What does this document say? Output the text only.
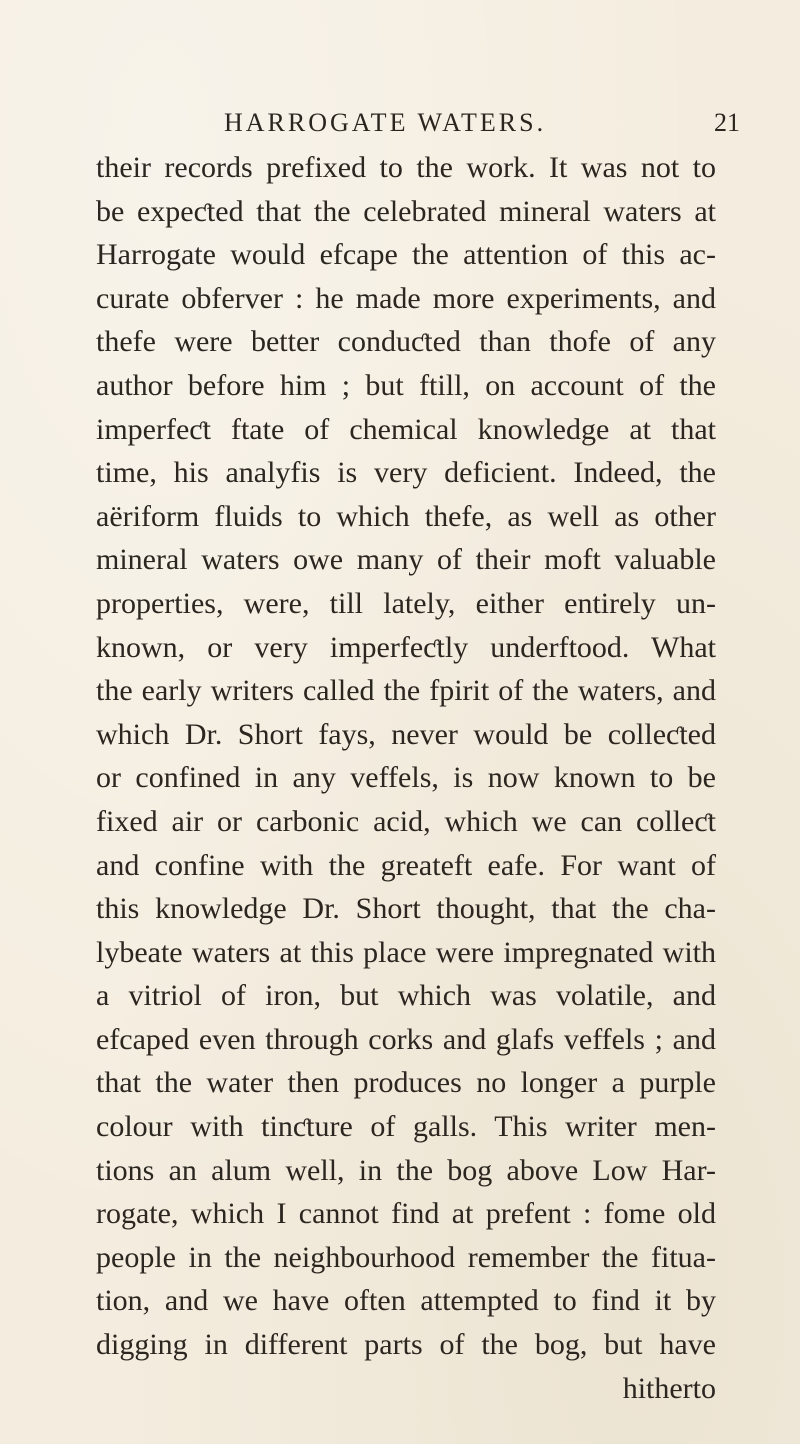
HARROGATE WATERS.	21
their records prefixed to the work. It was not to
be expeƈted that the celebrated mineral waters at
Harrogate would efcape the attention of this ac-
curate obferver : he made more experiments, and
thefe were better conduƈted than thofe of any
author before him ; but ftill, on account of the
imperfeƈt ftate of chemical knowledge at that
time, his analyfis is very deficient. Indeed, the
aëriform fluids to which thefe, as well as other
mineral waters owe many of their moft valuable
properties, were, till lately, either entirely un-
known, or very imperfeƈtly underftood. What
the early writers called the fpirit of the waters, and
which Dr. Short fays, never would be colleƈted
or confined in any veffels, is now known to be
fixed air or carbonic acid, which we can colleƈt
and confine with the greateft eafe. For want of
this knowledge Dr. Short thought, that the cha-
lybeate waters at this place were impregnated with
a vitriol of iron, but which was volatile, and
efcaped even through corks and glafs veffels ; and
that the water then produces no longer a purple
colour with tinƈture of galls. This writer men-
tions an alum well, in the bog above Low Har-
rogate, which I cannot find at prefent : fome old
people in the neighbourhood remember the fitua-
tion, and we have often attempted to find it by
digging in different parts of the bog, but have
hitherto
